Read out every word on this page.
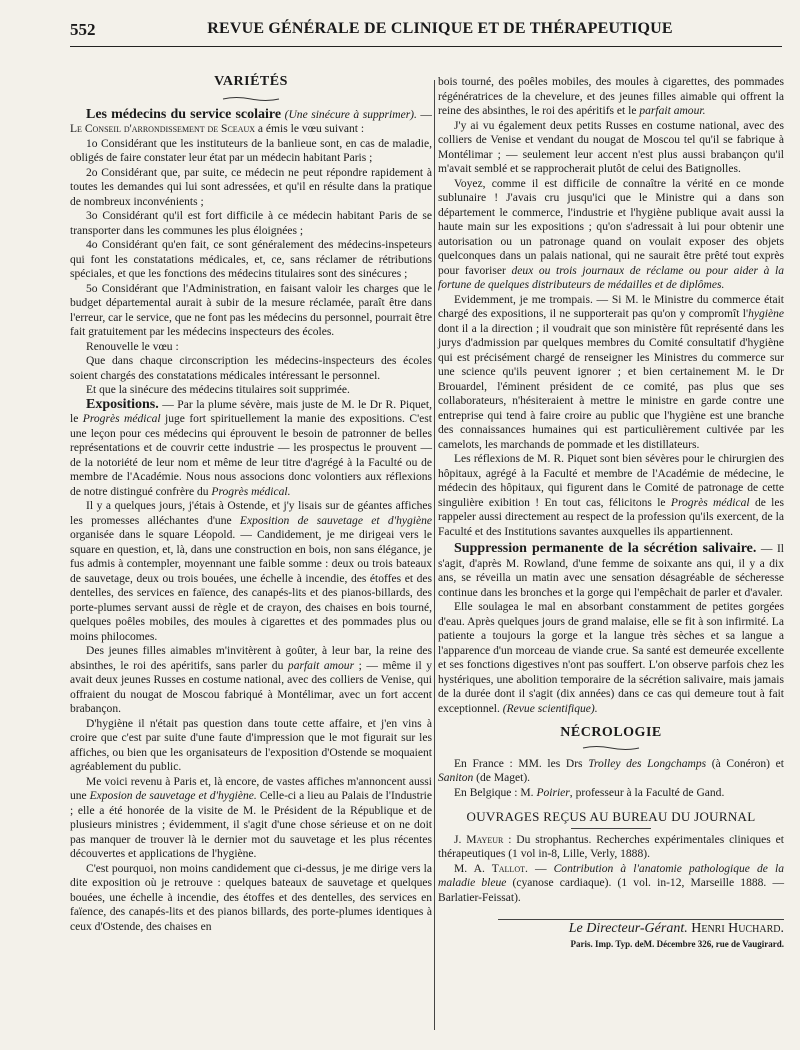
552	REVUE GÉNÉRALE DE CLINIQUE ET DE THÉRAPEUTIQUE
VARIÉTÉS

Les médecins du service scolaire (Une sinécure à supprimer). — Le Conseil d'arrondissement de Sceaux a émis le vœu suivant :

1o Considérant que les instituteurs de la banlieue sont, en cas de maladie, obligés de faire constater leur état par un médecin habitant Paris ;

2o Considérant que, par suite, ce médecin ne peut répondre rapidement à toutes les demandes qui lui sont adressées, et qu'il en résulte dans la pratique de nombreux inconvénients ;

3o Considérant qu'il est fort difficile à ce médecin habitant Paris de se transporter dans les communes les plus éloignées ;

4o Considérant qu'en fait, ce sont généralement des médecins-inspeteurs qui font les constatations médicales, et, ce, sans réclamer de rétributions spéciales, et que les fonctions des médecins titulaires sont des sinécures ;

5o Considérant que l'Administration, en faisant valoir les charges que le budget départemental aurait à subir de la mesure réclamée, paraît être dans l'erreur, car le service, que ne font pas les médecins du personnel, pourrait être fait gratuitement par les médecins inspecteurs des écoles.

Renouvelle le vœu :

Que dans chaque circonscription les médecins-inspecteurs des écoles soient chargés des constatations médicales intéressant le personnel.

Et que la sinécure des médecins titulaires soit supprimée.

Expositions. — Par la plume sévère, mais juste de M. le Dr R. Piquet, le Progrès médical juge fort spirituellement la manie des expositions. C'est une leçon pour ces médecins qui éprouvent le besoin de patronner de belles représentations et de couvrir cette industrie — les prospectus le prouvent — de la notoriété de leur nom et même de leur titre d'agrégé à la Faculté ou de membre de l'Académie. Nous nous associons donc volontiers aux réflexions de notre distingué confrère du Progrès médical.

Il y a quelques jours, j'étais à Ostende, et j'y lisais sur de géantes affiches les promesses alléchantes d'une Exposition de sauvetage et d'hygiène organisée dans le square Léopold. — Candidement, je me dirigeai vers le square en question, et, là, dans une construction en bois, non sans élégance, je fus admis à contempler, moyennant une faible somme : deux ou trois bateaux de sauvetage, deux ou trois bouées, une échelle à incendie, des étoffes et des dentelles, des services en faïence, des canapés-lits et des pianos-billards, des porte-plumes servant aussi de règle et de crayon, des chaises en bois tourné, quelques poêles mobiles, des moules à cigarettes et des pommades plus ou moins philocomes.

Des jeunes filles aimables m'invitèrent à goûter, à leur bar, la reine des absinthes, le roi des apéritifs, sans parler du parfait amour ; — même il y avait deux jeunes Russes en costume national, avec des colliers de Venise, qui offraient du nougat de Moscou fabriqué à Montélimar, avec un fort accent brabançon.

D'hygiène il n'était pas question dans toute cette affaire, et j'en vins à croire que c'est par suite d'une faute d'impression que le mot figurait sur les affiches, ou bien que les organisateurs de l'exposition d'Ostende se moquaient agréablement du public.

Me voici revenu à Paris et, là encore, de vastes affiches m'annoncent aussi une Exposion de sauvetage et d'hygiène. Celle-ci a lieu au Palais de l'Industrie ; elle a été honorée de la visite de M. le Président de la République et de plusieurs ministres ; évidemment, il s'agit d'une chose sérieuse et on ne doit pas manquer de trouver là le dernier mot du sauvetage et les plus récentes découvertes et applications de l'hygiène.

C'est pourquoi, non moins candidement que ci-dessus, je me dirige vers la dite exposition où je retrouve : quelques bateaux de sauvetage et quelques bouées, une échelle à incendie, des étoffes et des dentelles, des services en faïence, des canapés-lits et des pianos billards, des porte-plumes identiques à ceux d'Ostende, des chaises en

bois tourné, des poêles mobiles, des moules à cigarettes, des pommades régénératrices de la chevelure, et des jeunes filles aimable qui offrent la reine des absinthes, le roi des apéritifs et le parfait amour.

J'y ai vu également deux petits Russes en costume national, avec des colliers de Venise et vendant du nougat de Moscou tel qu'il se fabrique à Montélimar ; — seulement leur accent n'est plus aussi brabançon qu'il m'avait semblé et se rapprocherait plutôt de celui des Batignolles.

Voyez, comme il est difficile de connaître la vérité en ce monde sublunaire ! J'avais cru jusqu'ici que le Ministre qui a dans son département le commerce, l'industrie et l'hygiène publique avait aussi la haute main sur les expositions ; qu'on s'adressait à lui pour obtenir une autorisation ou un patronage quand on voulait exposer des objets quelconques dans un palais national, qui ne saurait être prêté tout exprès pour favoriser deux ou trois journaux de réclame ou pour aider à la fortune de quelques distributeurs de médailles et de diplômes.

Evidemment, je me trompais. — Si M. le Ministre du commerce était chargé des expositions, il ne supporterait pas qu'on y compromît l'hygiène dont il a la direction ; il voudrait que son ministère fût représenté dans les jurys d'admission par quelques membres du Comité consultatif d'hygiène qui est précisément chargé de renseigner les Ministres du commerce sur une science qu'ils peuvent ignorer ; et bien certainement M. le Dr Brouardel, l'éminent président de ce comité, pas plus que ses collaborateurs, n'hésiteraient à mettre le ministre en garde contre une entreprise qui tend à faire croire au public que l'hygiène est une branche des connaissances humaines qui est particulièrement cultivée par les camelots, les marchands de pommade et les distillateurs.

Les réflexions de M. R. Piquet sont bien sévères pour le chirurgien des hôpitaux, agrégé à la Faculté et membre de l'Académie de médecine, le médecin des hôpitaux, qui figurent dans le Comité de patronage de cette singulière exibition ! En tout cas, félicitons le Progrès médical de les rappeler aussi directement au respect de la profession qu'ils exercent, de la Faculté et des Institutions savantes auxquelles ils appartiennent.

Suppression permanente de la sécrétion salivaire. — Il s'agit, d'après M. Rowland, d'une femme de soixante ans qui, il y a dix ans, se réveilla un matin avec une sensation désagréable de sécheresse continue dans les bronches et la gorge qui l'empêchait de parler et d'avaler.

Elle soulagea le mal en absorbant constamment de petites gorgées d'eau. Après quelques jours de grand malaise, elle se fit à son infirmité. La patiente a toujours la gorge et la langue très sèches et sa langue a l'apparence d'un morceau de viande crue. Sa santé est demeurée excellente et ses fonctions digestives n'ont pas souffert. L'on observe parfois chez les hystériques, une abolition temporaire de la sécrétion salivaire, mais jamais de la durée dont il s'agit (dix années) dans ce cas qui demeure tout à fait exceptionnel. (Revue scientifique).

NÉCROLOGIE

En France : MM. les Drs Trolley des Longchamps (à Conéron) et Saniton (de Maget).

En Belgique : M. Poirier, professeur à la Faculté de Gand.

OUVRAGES REÇUS AU BUREAU DU JOURNAL

J. Mayeur : Du strophantus. Recherches expérimentales cliniques et thérapeutiques (1 vol in-8, Lille, Verly, 1888).

M. A. Tallot. — Contribution à l'anatomie pathologique de la maladie bleue (cyanose cardiaque). (1 vol. in-12, Marseille 1888. — Barlatier-Feissat).

Le Directeur-Gérant. Henri Huchard.
Paris. Imp. Typ. deM. Décembre 326, rue de Vaugirard.
